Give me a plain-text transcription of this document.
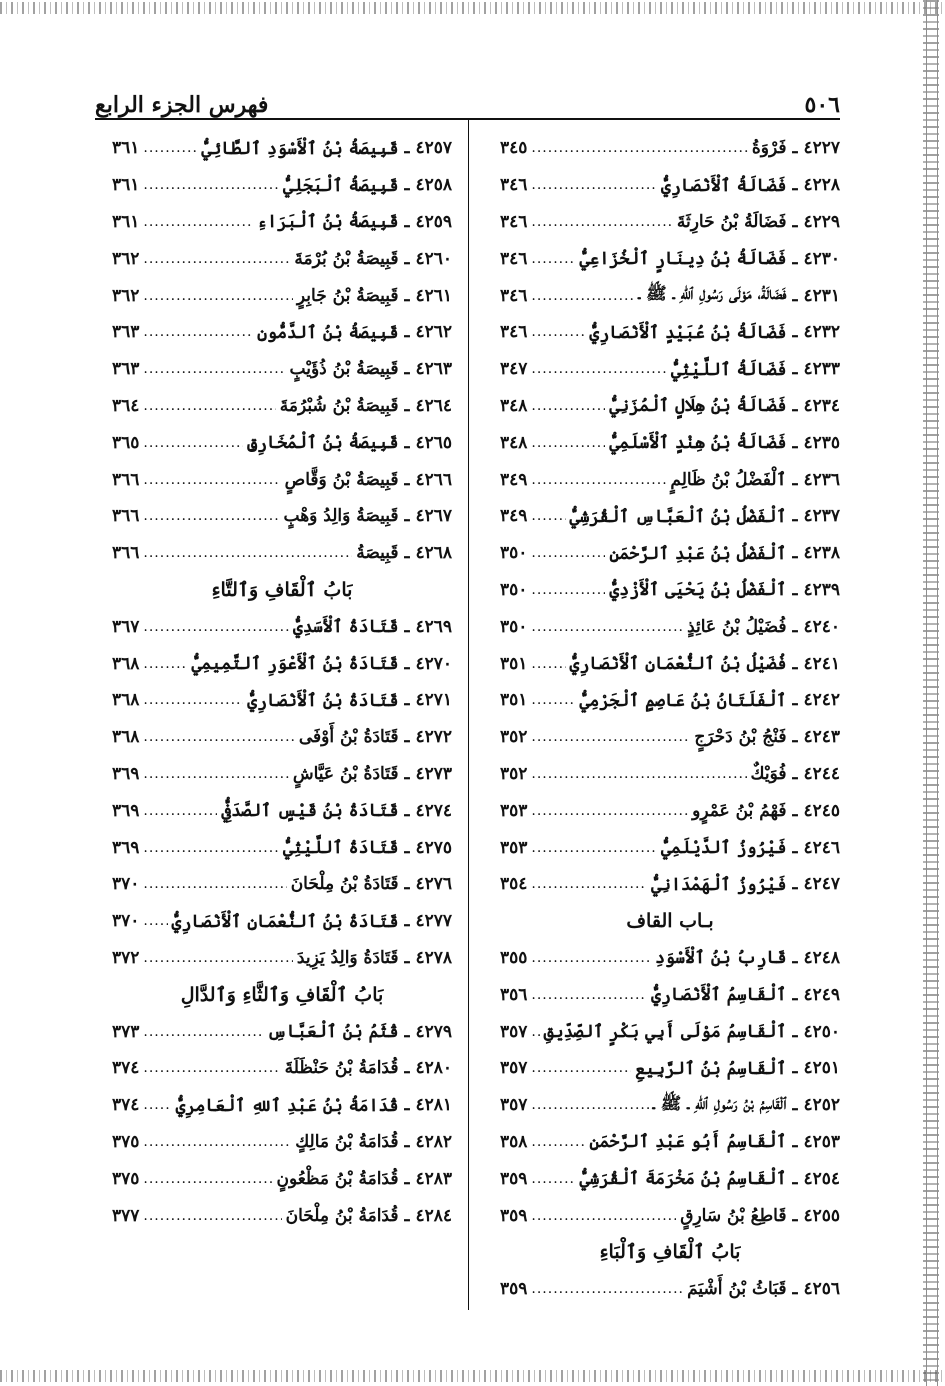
فهرس الجزء الرابع	٥٠٦
٤٢٢٧
ـ
فَرْوَةُ
.....
٣٤٥
٤٢٢٨
ـ
فَضَالَةُ ٱلْأَنْصَارِيُّ
.....
٣٤٦
٤٢٢٩
ـ
فَضَالَةُ بْنُ حَارِثَةَ
.....
٣٤٦
٤٢٣٠
ـ
فَضَالَةُ بْنُ دِينَارٍ ٱلْخُزَاعِيُّ
.....
٣٤٦
٤٢٣١
ـ
فَضَالَةُ، مَوْلَى رَسُولِ ٱللهِ ـ ﷺ ـ
.....
٣٤٦
٤٢٣٢
ـ
فَضَالَةُ بْنُ عُبَيْدٍ ٱلْأَنْصَارِيُّ
.....
٣٤٦
٤٢٣٣
ـ
فَضَالَةُ ٱللَّيْثِيُّ
.....
٣٤٧
٤٢٣٤
ـ
فَضَالَةُ بْنُ هِلَالٍ ٱلْمُزَنِيُّ
.....
٣٤٨
٤٢٣٥
ـ
فَضَالَةُ بْنُ هِنْدٍ ٱلْأَسْلَمِيُّ
.....
٣٤٨
٤٢٣٦
ـ
ٱلْفَضْلُ بْنُ ظَالِمٍ
.....
٣٤٩
٤٢٣٧
ـ
ٱلْفَضْلُ بْنُ ٱلْعَبَّاسِ ٱلْقُرَشِيُّ
.....
٣٤٩
٤٢٣٨
ـ
ٱلْفَضْلُ بْنُ عَبْدِ ٱلرَّحْمَنِ
.....
٣٥٠
٤٢٣٩
ـ
ٱلْفَضْلُ بْنُ يَحْيَى ٱلْأَزْدِيُّ
.....
٣٥٠
٤٢٤٠
ـ
فُضَيْلُ بْنُ عَائِذٍ
.....
٣٥٠
٤٢٤١
ـ
فُضَيْلُ بْنُ ٱلنُّعْمَانِ ٱلْأَنْصَارِيُّ
.....
٣٥١
٤٢٤٢
ـ
ٱلْفَلَتَانُ بْنُ عَاصِمٍ ٱلْجَرْمِيُّ
.....
٣٥١
٤٢٤٣
ـ
فَنْجُ بْنُ دَحْرَجٍ
.....
٣٥٢
٤٢٤٤
ـ
فُوَيْكٌ
.....
٣٥٢
٤٢٤٥
ـ
فَهْمُ بْنُ عَمْرٍو
.....
٣٥٣
٤٢٤٦
ـ
فَيْرُوزُ ٱلدَّيْلَمِيُّ
.....
٣٥٣
٤٢٤٧
ـ
فَيْرُوزُ ٱلْهَمْدَانِيُّ
.....
٣٥٤
بـاب القاف
٤٢٤٨
ـ
قَارِبُ بْنُ ٱلْأَسْوَدِ
.....
٣٥٥
٤٢٤٩
ـ
ٱلْقَاسِمُ ٱلْأَنْصَارِيُّ
.....
٣٥٦
٤٢٥٠
ـ
ٱلْقَاسِمُ مَوْلَى أَبِي بَكْرٍ ٱلصِّدِّيقِ
.....
٣٥٧
٤٢٥١
ـ
ٱلْقَاسِمُ بْنُ ٱلرَّبِيعِ
.....
٣٥٧
٤٢٥٢
ـ
ٱلْقَاسِمُ بْنُ رَسُولِ ٱللهِ ـ ﷺ ـ
.....
٣٥٧
٤٢٥٣
ـ
ٱلْقَاسِمُ أَبُو عَبْدِ ٱلرَّحْمَنِ
.....
٣٥٨
٤٢٥٤
ـ
ٱلْقَاسِمُ بْنُ مَخْرَمَةَ ٱلْقُرَشِيُّ
.....
٣٥٩
٤٢٥٥
ـ
قَاطِعُ بْنُ سَارِقٍ
.....
٣٥٩
بَابُ ٱلْقَافِ وَٱلْبَاءِ
٤٢٥٦
ـ
قَبَاثُ بْنُ أَشْيَمَ
.....
٣٥٩
٤٢٥٧
ـ
قَبِيصَةُ بْنُ ٱلْأَسْوَدِ ٱلطَّائِيُّ
.....
٣٦١
٤٢٥٨
ـ
قَبِيصَةُ ٱلْبَجَلِيُّ
.....
٣٦١
٤٢٥٩
ـ
قَبِيصَةُ بْنُ ٱلْبَرَاءِ
.....
٣٦١
٤٢٦٠
ـ
قَبِيصَةُ بْنُ بُرْمَةَ
.....
٣٦٢
٤٢٦١
ـ
قَبِيصَةُ بْنُ جَابِرٍ
.....
٣٦٢
٤٢٦٢
ـ
قَبِيصَةُ بْنُ ٱلدَّمُّونِ
.....
٣٦٣
٤٢٦٣
ـ
قَبِيصَةُ بْنُ ذُؤَيْبٍ
.....
٣٦٣
٤٢٦٤
ـ
قَبِيصَةُ بْنُ شُبْرُمَةَ
.....
٣٦٤
٤٢٦٥
ـ
قَبِيصَةُ بْنُ ٱلْمُخَارِقِ
.....
٣٦٥
٤٢٦٦
ـ
قَبِيصَةُ بْنُ وَقَّاصٍ
.....
٣٦٦
٤٢٦٧
ـ
قَبِيصَةُ وَالِدُ وَهْبٍ
.....
٣٦٦
٤٢٦٨
ـ
قَبِيصَةُ
.....
٣٦٦
بَابُ ٱلْقَافِ وَٱلتَّاءِ
٤٢٦٩
ـ
قَتَادَةُ ٱلْأَسَدِيُّ
.....
٣٦٧
٤٢٧٠
ـ
قَتَادَةُ بْنُ ٱلْأَعْوَرِ ٱلتَّمِيمِيُّ
.....
٣٦٨
٤٢٧١
ـ
قَتَادَةُ بْنُ ٱلْأَنْصَارِيُّ
.....
٣٦٨
٤٢٧٢
ـ
قَتَادَةُ بْنُ أَوْفَى
.....
٣٦٨
٤٢٧٣
ـ
قَتَادَةُ بْنُ عَيَّاشٍ
.....
٣٦٩
٤٢٧٤
ـ
قَتَادَةُ بْنُ قَيْسٍ ٱلصَّدَفِيُّ
.....
٣٦٩
٤٢٧٥
ـ
قَتَادَةُ ٱللَّيْثِيُّ
.....
٣٦٩
٤٢٧٦
ـ
قَتَادَةُ بْنُ مِلْحَانَ
.....
٣٧٠
٤٢٧٧
ـ
قَتَادَةُ بْنُ ٱلنُّعْمَانِ ٱلْأَنْصَارِيُّ
.....
٣٧٠
٤٢٧٨
ـ
قَتَادَةُ وَالِدُ يَزِيدَ
.....
٣٧٢
بَابُ ٱلْقَافِ وَٱلثَّاءِ وَٱلدَّالِ
٤٢٧٩
ـ
قُثَمُ بْنُ ٱلْعَبَّاسِ
.....
٣٧٣
٤٢٨٠
ـ
قُدَامَةُ بْنُ حَنْظَلَةَ
.....
٣٧٤
٤٢٨١
ـ
قُدَامَةُ بْنُ عَبْدِ ٱللهِ ٱلْعَامِرِيُّ
.....
٣٧٤
٤٢٨٢
ـ
قُدَامَةُ بْنُ مَالِكٍ
.....
٣٧٥
٤٢٨٣
ـ
قُدَامَةُ بْنُ مَظْعُونٍ
.....
٣٧٥
٤٢٨٤
ـ
قُدَامَةُ بْنُ مِلْحَانَ
.....
٣٧٧
